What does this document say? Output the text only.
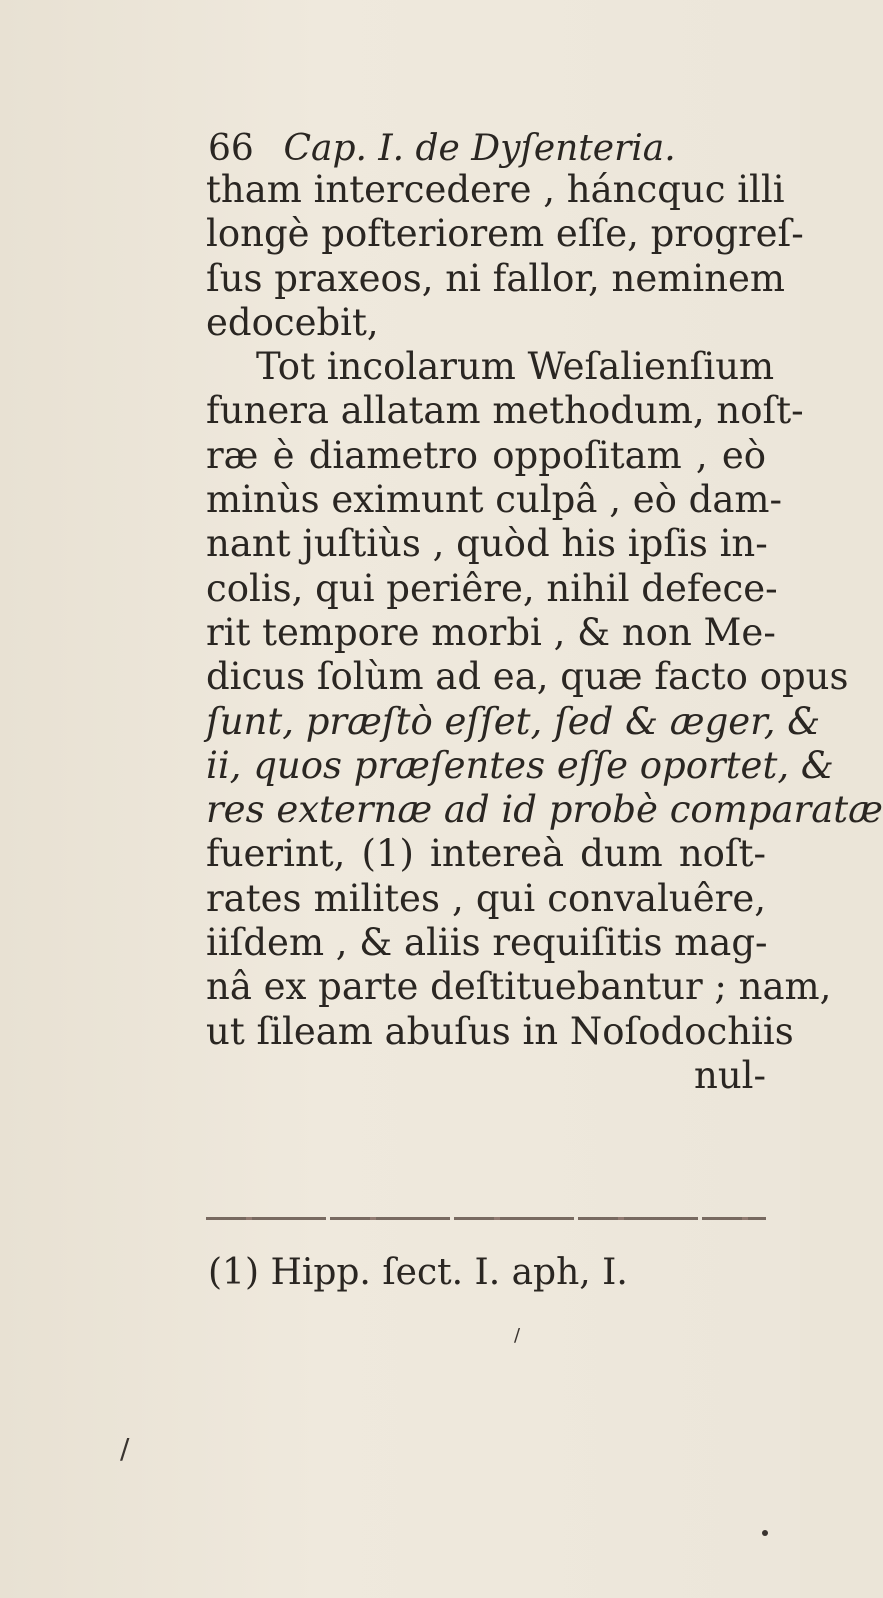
66 Cap. I. de Dyſenteria.
tham intercedere , háncquc illi
longè pofteriorem eſſe, progreſ-
ſus praxeos, ni fallor, neminem
edocebit,
Tot incolarum Weſalienſium
funera allatam methodum, noſt-
ræ è diametro oppoſitam , eò
minùs eximunt culpâ , eò dam-
nant juſtiùs , quòd his ipſis in-
colis, qui periêre, nihil defece-
rit tempore morbi , & non Me-
dicus ſolùm ad ea, quæ facto opus
ſunt, præſtò eſſet, ſed & æger, &
ii, quos præſentes eſſe oportet, &
res externæ ad id probè comparatæ
fuerint, (1) intereà dum noſt-
rates milites , qui convaluêre,
iiſdem , & aliis requiſitis mag-
nâ ex parte deſtituebantur ; nam,
ut ſileam abuſus in Noſodochiis
nul-
(1) Hipp. ſect. I. aph, I.
/
/
